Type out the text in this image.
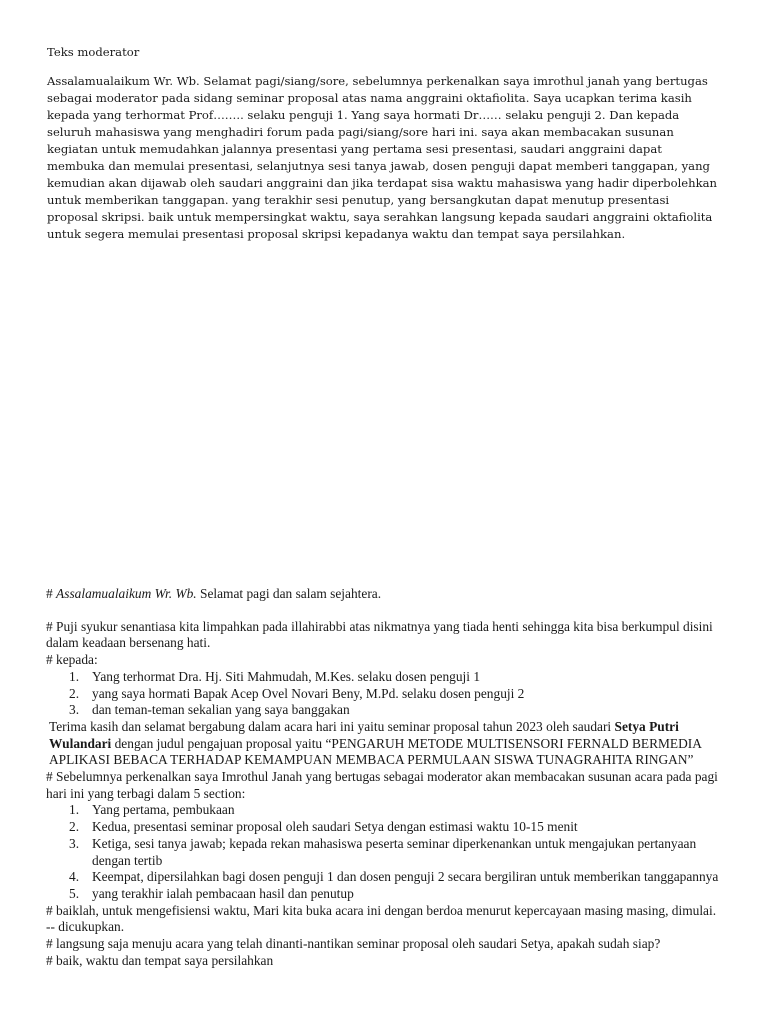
Teks moderator

Assalamualaikum Wr. Wb. Selamat pagi/siang/sore, sebelumnya perkenalkan saya imrothul janah yang bertugas sebagai moderator pada sidang seminar proposal atas nama anggraini oktafiolita. Saya ucapkan terima kasih kepada yang terhormat Prof…….. selaku penguji 1. Yang saya hormati Dr…… selaku penguji 2. Dan kepada seluruh mahasiswa yang menghadiri forum pada pagi/siang/sore hari ini. saya akan membacakan susunan kegiatan untuk memudahkan jalannya presentasi yang pertama sesi presentasi, saudari anggraini dapat membuka dan memulai presentasi, selanjutnya sesi tanya jawab, dosen penguji dapat memberi tanggapan, yang kemudian akan dijawab oleh saudari anggraini dan jika terdapat sisa waktu mahasiswa yang hadir diperbolehkan untuk memberikan tanggapan. yang terakhir sesi penutup, yang bersangkutan dapat menutup presentasi proposal skripsi. baik untuk mempersingkat waktu, saya serahkan langsung kepada saudari anggraini oktafiolita untuk segera memulai presentasi proposal skripsi kepadanya waktu dan tempat saya persilahkan.

# Assalamualaikum Wr. Wb. Selamat pagi dan salam sejahtera.

# Puji syukur senantiasa kita limpahkan pada illahirabbi atas nikmatnya yang tiada henti sehingga kita bisa berkumpul disini dalam keadaan bersenang hati.

# kepada:

1. Yang terhormat Dra. Hj. Siti Mahmudah, M.Kes. selaku dosen penguji 1
2. yang saya hormati Bapak Acep Ovel Novari Beny, M.Pd. selaku dosen penguji 2
3. dan teman-teman sekalian yang saya banggakan

Terima kasih dan selamat bergabung dalam acara hari ini yaitu seminar proposal tahun 2023 oleh saudari Setya Putri Wulandari dengan judul pengajuan proposal yaitu “PENGARUH METODE MULTISENSORI FERNALD BERMEDIA APLIKASI BEBACA TERHADAP KEMAMPUAN MEMBACA PERMULAAN SISWA TUNAGRAHITA RINGAN”

# Sebelumnya perkenalkan saya Imrothul Janah yang bertugas sebagai moderator akan membacakan susunan acara pada pagi hari ini yang terbagi dalam 5 section:

1. Yang pertama, pembukaan
2. Kedua, presentasi seminar proposal oleh saudari Setya dengan estimasi waktu 10-15 menit
3. Ketiga, sesi tanya jawab; kepada rekan mahasiswa peserta seminar diperkenankan untuk mengajukan pertanyaan dengan tertib
4. Keempat, dipersilahkan bagi dosen penguji 1 dan dosen penguji 2 secara bergiliran untuk memberikan tanggapannya
5. yang terakhir ialah pembacaan hasil dan penutup

# baiklah, untuk mengefisiensi waktu, Mari kita buka acara ini dengan berdoa menurut kepercayaan masing masing, dimulai. -- dicukupkan.

# langsung saja menuju acara yang telah dinanti-nantikan seminar proposal oleh saudari Setya, apakah sudah siap?

# baik, waktu dan tempat saya persilahkan
